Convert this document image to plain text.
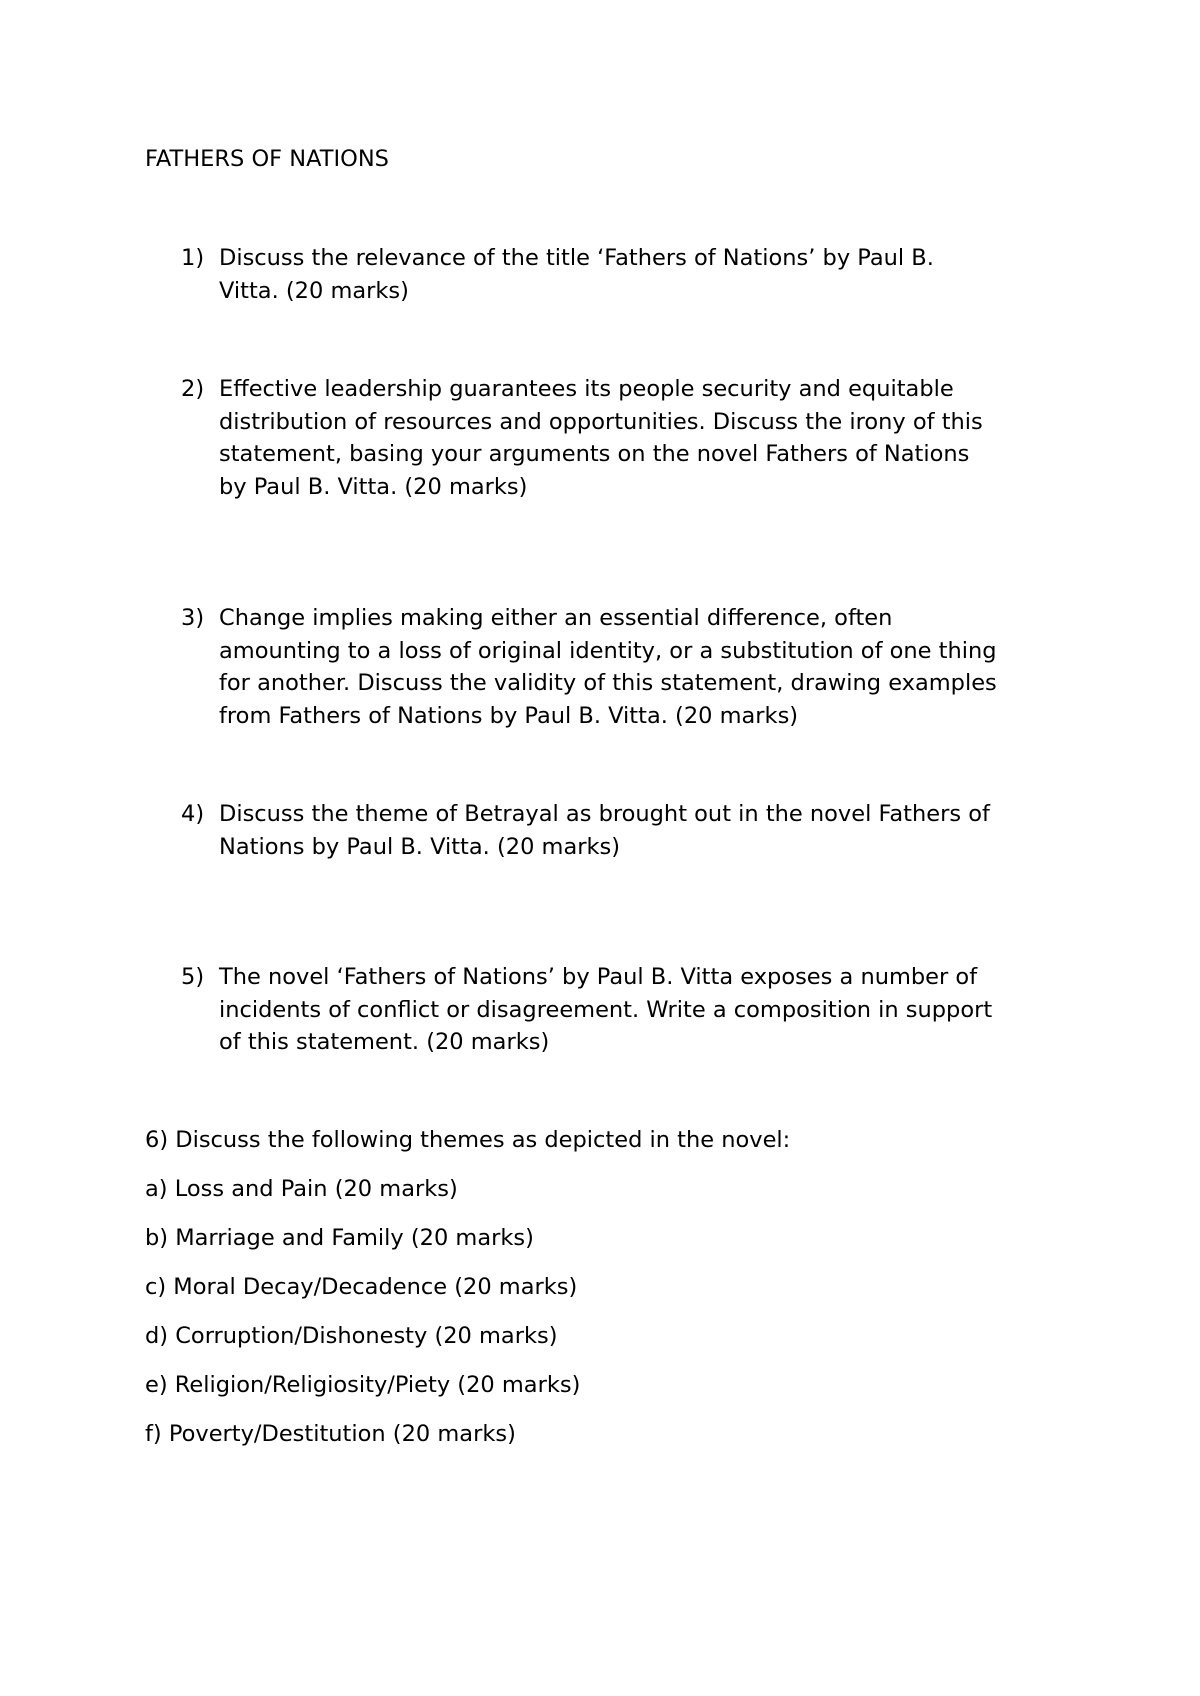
FATHERS OF NATIONS

1) Discuss the relevance of the title ‘Fathers of Nations’ by Paul B.
Vitta. (20 marks)
2) Effective leadership guarantees its people security and equitable
distribution of resources and opportunities. Discuss the irony of this
statement, basing your arguments on the novel Fathers of Nations
by Paul B. Vitta. (20 marks)
3) Change implies making either an essential difference, often
amounting to a loss of original identity, or a substitution of one thing
for another. Discuss the validity of this statement, drawing examples
from Fathers of Nations by Paul B. Vitta. (20 marks)
4) Discuss the theme of Betrayal as brought out in the novel Fathers of
Nations by Paul B. Vitta. (20 marks)
5) The novel ‘Fathers of Nations’ by Paul B. Vitta exposes a number of
incidents of conflict or disagreement. Write a composition in support
of this statement. (20 marks)

6) Discuss the following themes as depicted in the novel:

a) Loss and Pain (20 marks)

b) Marriage and Family (20 marks)

c) Moral Decay/Decadence (20 marks)

d) Corruption/Dishonesty (20 marks)

e) Religion/Religiosity/Piety (20 marks)

f) Poverty/Destitution (20 marks)
